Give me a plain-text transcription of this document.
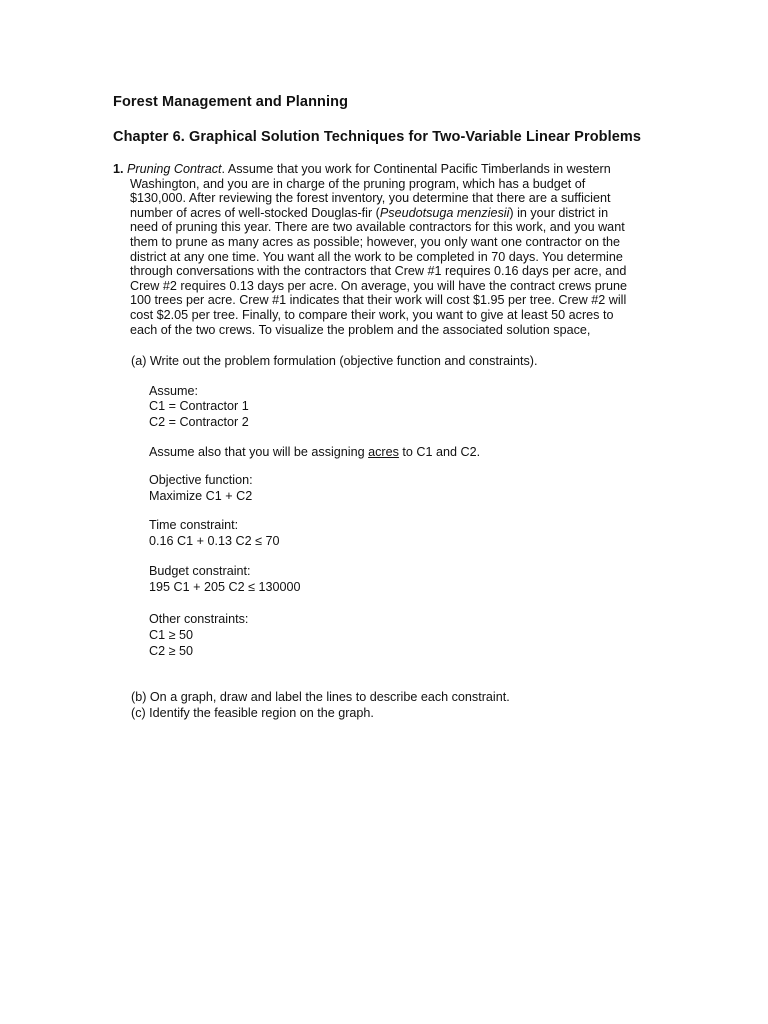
Forest Management and Planning
Chapter 6. Graphical Solution Techniques for Two-Variable Linear Problems

1. Pruning Contract. Assume that you work for Continental Pacific Timberlands in western Washington, and you are in charge of the pruning program, which has a budget of $130,000. After reviewing the forest inventory, you determine that there are a sufficient number of acres of well-stocked Douglas-fir (Pseudotsuga menziesii) in your district in need of pruning this year. There are two available contractors for this work, and you want them to prune as many acres as possible; however, you only want one contractor on the district at any one time. You want all the work to be completed in 70 days. You determine through conversations with the contractors that Crew #1 requires 0.16 days per acre, and Crew #2 requires 0.13 days per acre. On average, you will have the contract crews prune 100 trees per acre. Crew #1 indicates that their work will cost $1.95 per tree. Crew #2 will cost $2.05 per tree. Finally, to compare their work, you want to give at least 50 acres to each of the two crews. To visualize the problem and the associated solution space,

(a) Write out the problem formulation (objective function and constraints).
Assume:
C1 = Contractor 1
C2 = Contractor 2
Assume also that you will be assigning acres to C1 and C2.
Objective function:
Maximize C1 + C2
Time constraint:
0.16 C1 + 0.13 C2 ≤ 70
Budget constraint:
195 C1 + 205 C2 ≤ 130000
Other constraints:
C1 ≥ 50
C2 ≥ 50
(b) On a graph, draw and label the lines to describe each constraint.
(c) Identify the feasible region on the graph.
